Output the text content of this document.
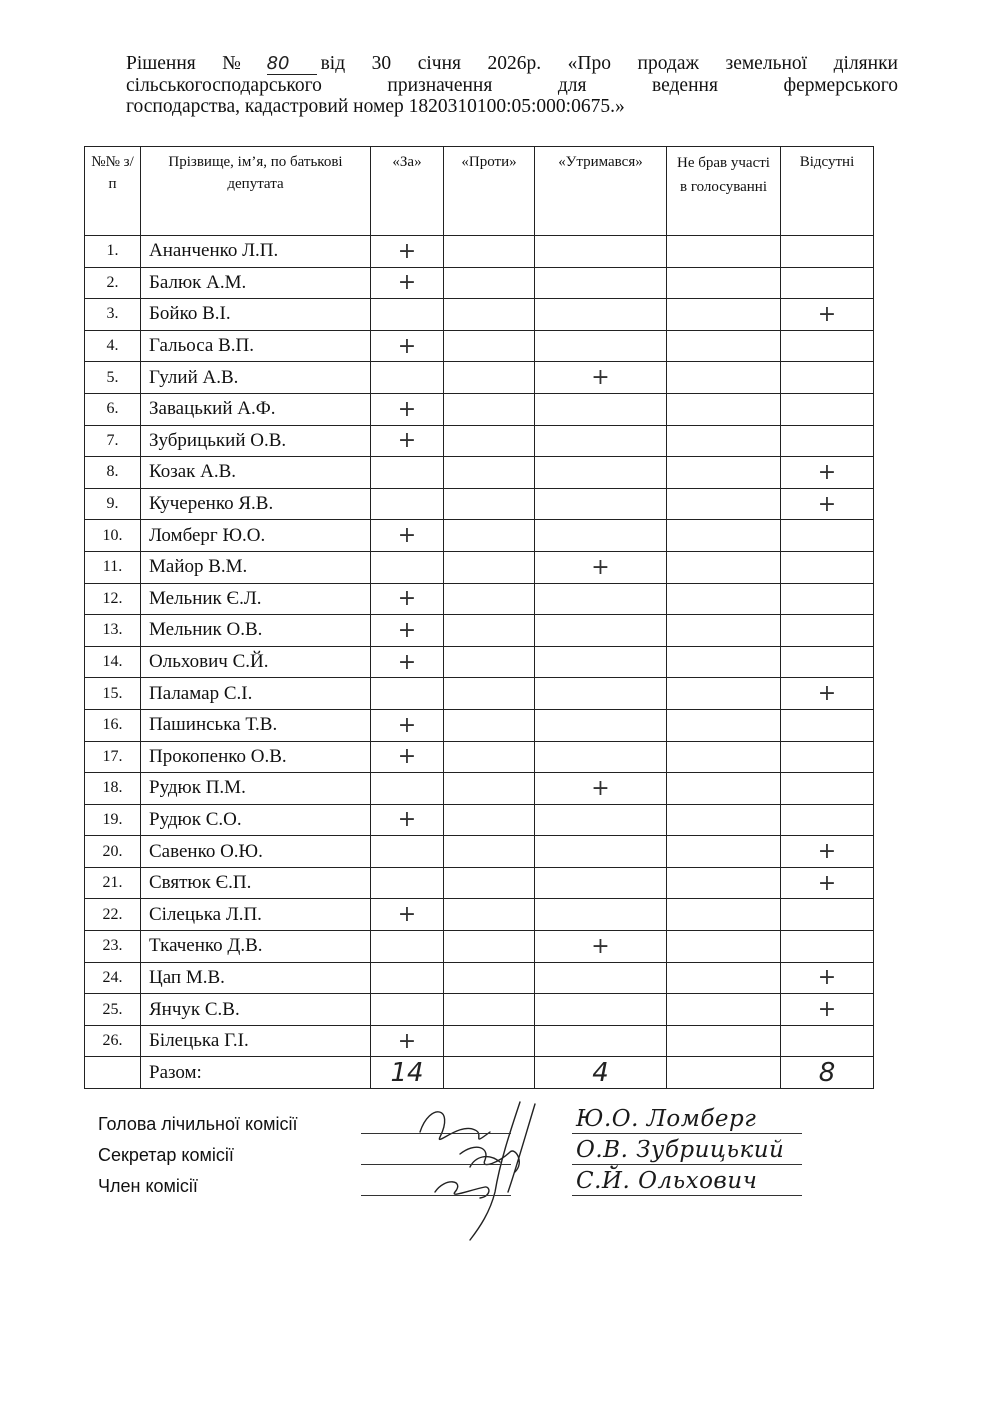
Рішення № 80 від 30 січня 2026р. «Про продаж земельної ділянки
сільськогосподарського призначення для ведення фермерського
господарства, кадастровий номер 1820310100:05:000:0675.»
№№ з/п	Прізвище, ім’я, по батькові депутата	«За»	«Проти»	«Утримався»	Не брав участі в голосуванні	Відсутні
1.	Ананченко Л.П.	+				
2.	Балюк А.М.	+				
3.	Бойко В.І.					+
4.	Гальоса В.П.	+				
5.	Гулий А.В.			+		
6.	Завацький А.Ф.	+				
7.	Зубрицький О.В.	+				
8.	Козак А.В.					+
9.	Кучеренко Я.В.					+
10.	Ломберг Ю.О.	+				
11.	Майор В.М.			+		
12.	Мельник Є.Л.	+				
13.	Мельник О.В.	+				
14.	Ольхович С.Й.	+				
15.	Паламар С.І.					+
16.	Пашинська Т.В.	+				
17.	Прокопенко О.В.	+				
18.	Рудюк П.М.			+		
19.	Рудюк С.О.	+				
20.	Савенко О.Ю.					+
21.	Святюк Є.П.					+
22.	Сілецька Л.П.	+				
23.	Ткаченко Д.В.			+		
24.	Цап М.В.					+
25.	Янчук С.В.					+
26.	Білецька Г.І.	+				
	Разом:	14		4		8
Голова лічильної комісії	Ю.О. Ломберг
Секретар комісії	О.В. Зубрицький
Член комісії	С.Й. Ольхович
